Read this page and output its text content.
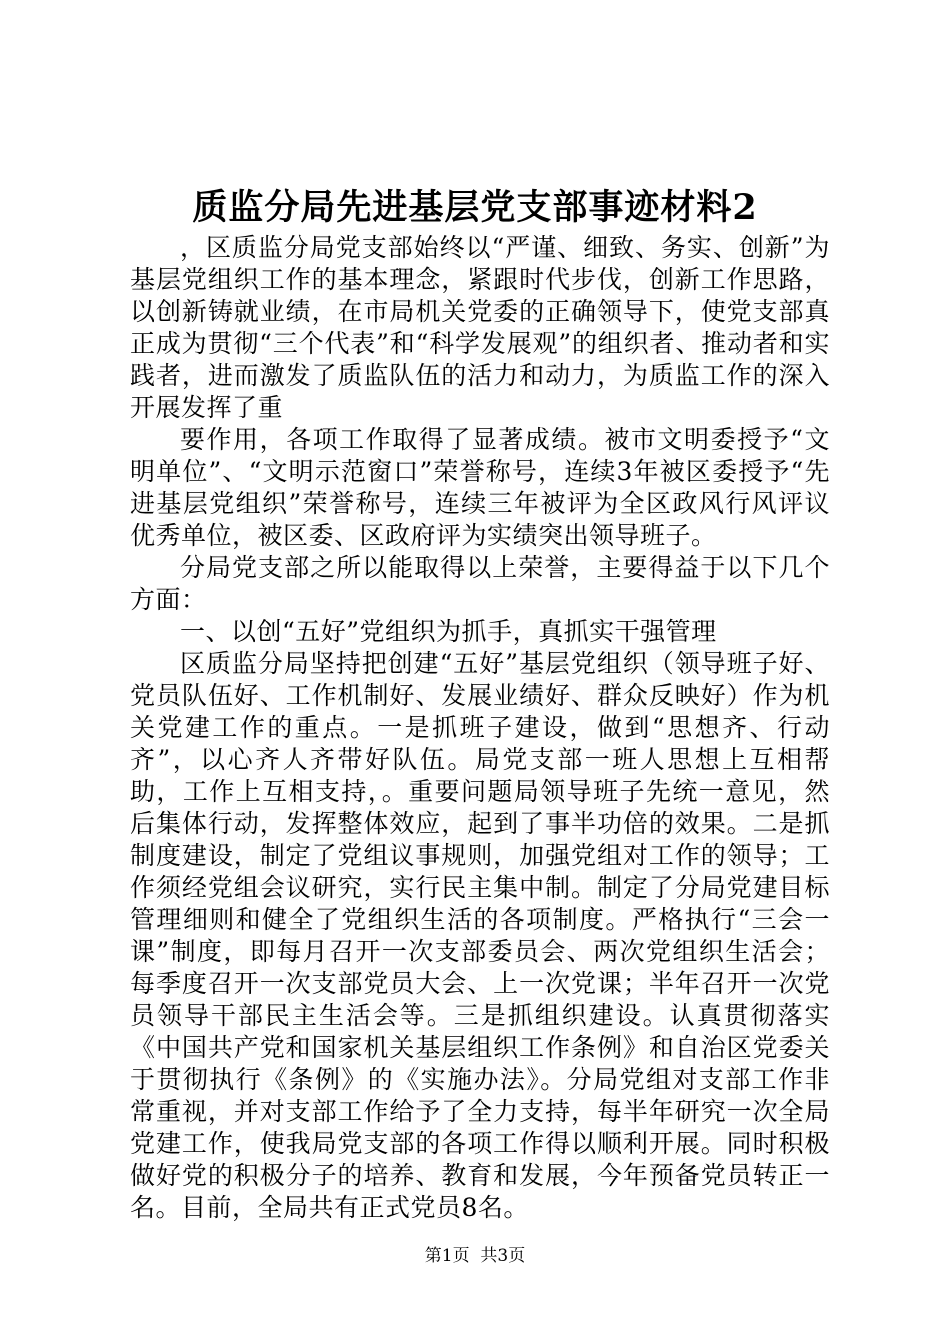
质监分局先进基层党支部事迹材料2

，区质监分局党支部始终以“严谨、细致、务实、创新”为基层党组织工作的基本理念，紧跟时代步伐，创新工作思路，以创新铸就业绩，在市局机关党委的正确领导下，使党支部真正成为贯彻“三个代表”和“科学发展观”的组织者、推动者和实践者，进而激发了质监队伍的活力和动力，为质监工作的深入开展发挥了重

要作用，各项工作取得了显著成绩。被市文明委授予“文明单位”、“文明示范窗口”荣誉称号，连续3年被区委授予“先进基层党组织”荣誉称号，连续三年被评为全区政风行风评议优秀单位，被区委、区政府评为实绩突出领导班子。

分局党支部之所以能取得以上荣誉，主要得益于以下几个方面：

一、以创“五好”党组织为抓手，真抓实干强管理

区质监分局坚持把创建“五好”基层党组织（领导班子好、党员队伍好、工作机制好、发展业绩好、群众反映好）作为机关党建工作的重点。一是抓班子建设，做到“思想齐、行动齐”，以心齐人齐带好队伍。局党支部一班人思想上互相帮助，工作上互相支持，。重要问题局领导班子先统一意见，然后集体行动，发挥整体效应，起到了事半功倍的效果。二是抓制度建设，制定了党组议事规则，加强党组对工作的领导；工作须经党组会议研究，实行民主集中制。制定了分局党建目标管理细则和健全了党组织生活的各项制度。严格执行“三会一课”制度，即每月召开一次支部委员会、两次党组织生活会；每季度召开一次支部党员大会、上一次党课；半年召开一次党员领导干部民主生活会等。三是抓组织建设。认真贯彻落实《中国共产党和国家机关基层组织工作条例》和自治区党委关于贯彻执行《条例》的《实施办法》。分局党组对支部工作非常重视，并对支部工作给予了全力支持，每半年研究一次全局党建工作，使我局党支部的各项工作得以顺利开展。同时积极做好党的积极分子的培养、教育和发展，今年预备党员转正一名。目前，全局共有正式党员8名。

第1页  共3页
